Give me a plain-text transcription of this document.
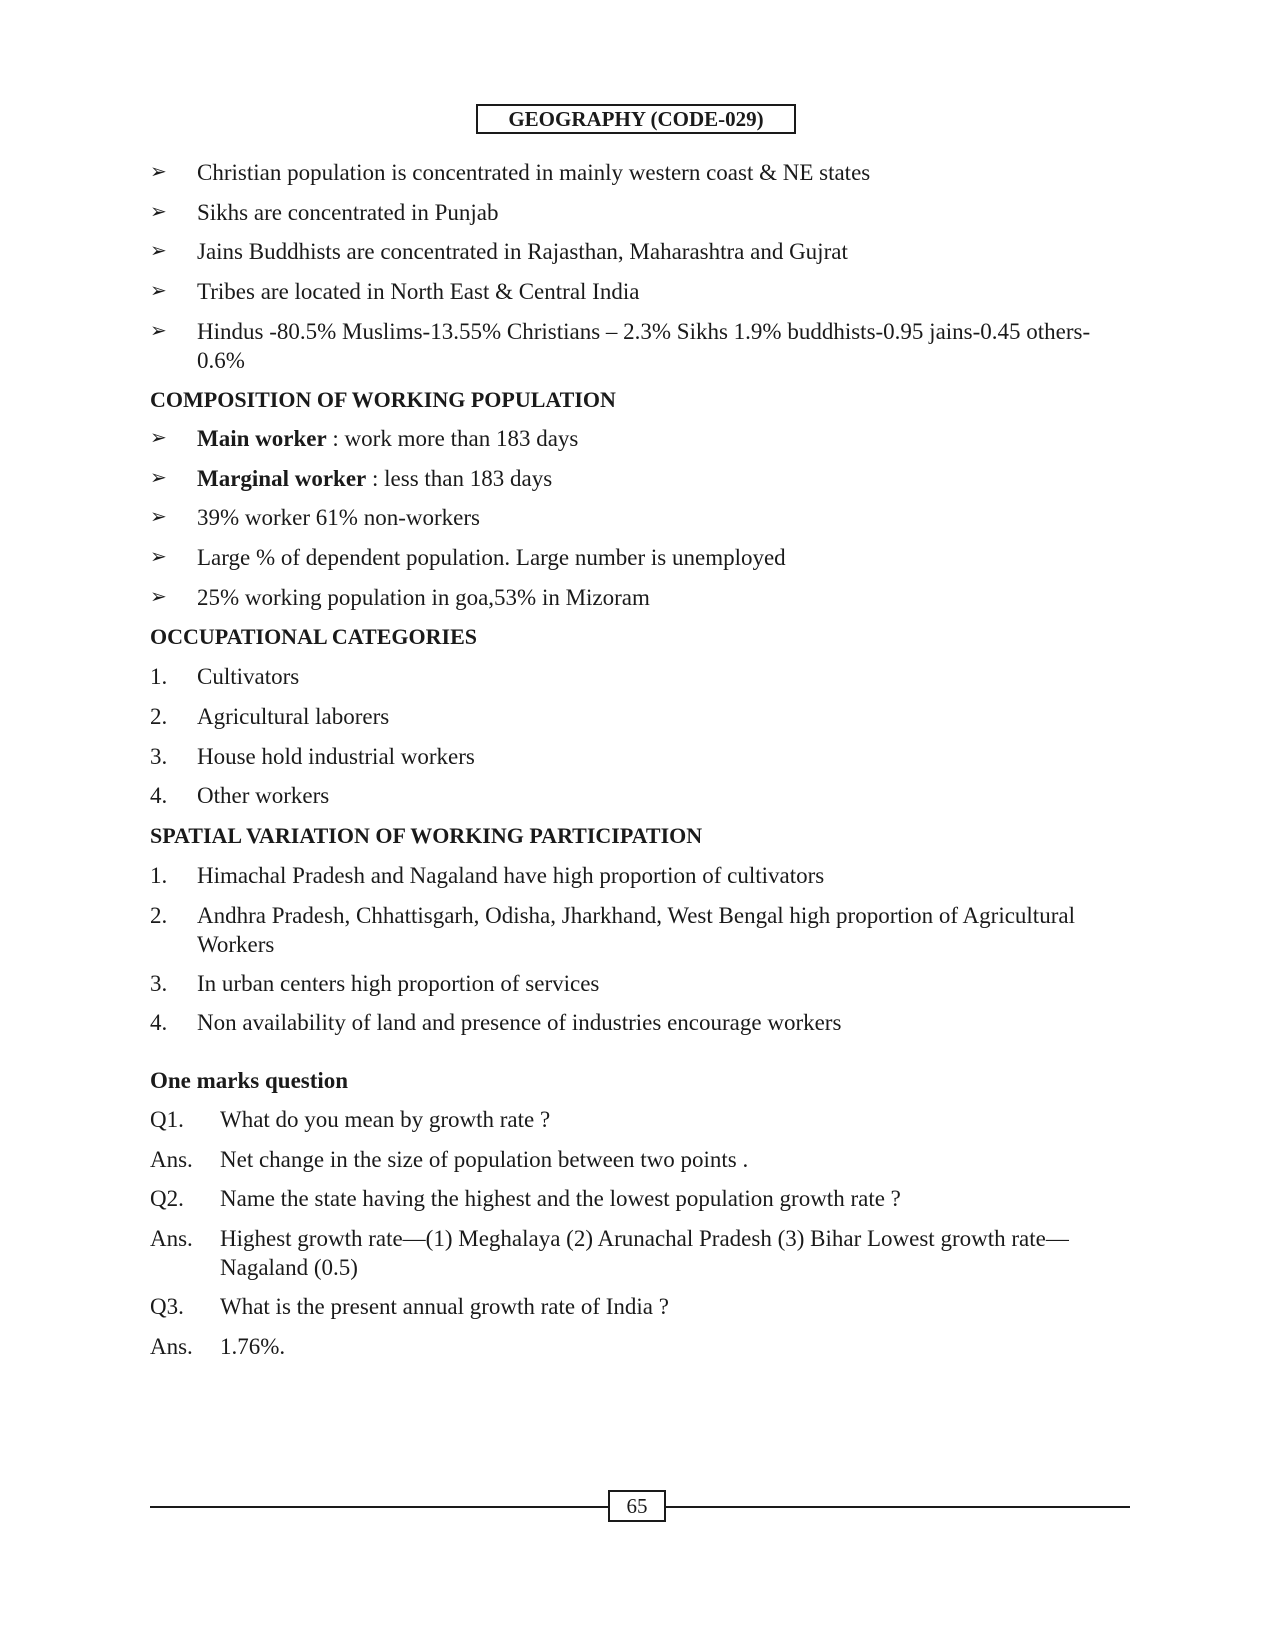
GEOGRAPHY (CODE-029)
➢	Christian population is concentrated in mainly western coast & NE states
➢	Sikhs are concentrated in Punjab
➢	Jains Buddhists are concentrated in Rajasthan, Maharashtra and Gujrat
➢	Tribes are located in North East & Central India
➢	Hindus -80.5% Muslims-13.55% Christians – 2.3% Sikhs 1.9% buddhists-0.95 jains-0.45 others-0.6%
COMPOSITION OF WORKING POPULATION
➢	Main worker : work more than 183 days
➢	Marginal worker : less than 183 days
➢	39% worker 61% non-workers
➢	Large % of dependent population. Large number is unemployed
➢	25% working population in goa,53% in Mizoram
OCCUPATIONAL CATEGORIES
1.	Cultivators
2.	Agricultural laborers
3.	House hold industrial workers
4.	Other workers
SPATIAL VARIATION OF WORKING PARTICIPATION
1.	Himachal Pradesh and Nagaland have high proportion of cultivators
2.	Andhra Pradesh, Chhattisgarh, Odisha, Jharkhand, West Bengal high proportion of Agricultural Workers
3.	In urban centers high proportion of services
4.	Non availability of land and presence of industries encourage workers
One marks question
Q1. What do you mean by growth rate ?
Ans. Net change in the size of population between two points .
Q2. Name the state having the highest and the lowest population growth rate ?
Ans. Highest growth rate—(1) Meghalaya (2) Arunachal Pradesh (3) Bihar Lowest growth rate—Nagaland (0.5)
Q3. What is the present annual growth rate of India ?
Ans. 1.76%.
65
